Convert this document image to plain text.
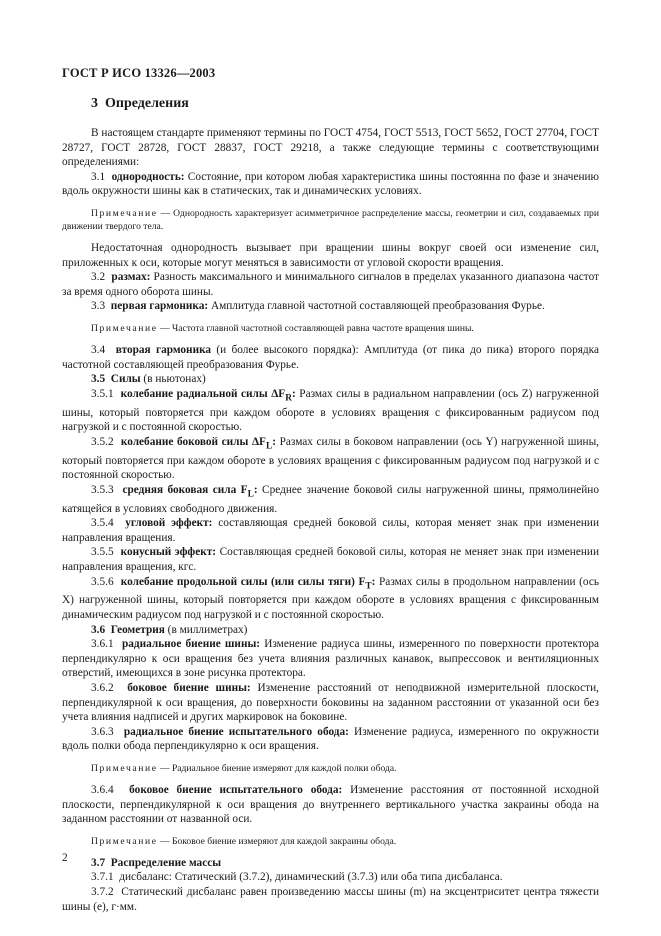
ГОСТ Р ИСО 13326—2003
3 Определения

В настоящем стандарте применяют термины по ГОСТ 4754, ГОСТ 5513, ГОСТ 5652, ГОСТ 27704, ГОСТ 28727, ГОСТ 28728, ГОСТ 28837, ГОСТ 29218, а также следующие термины с соответствующими определениями:

3.1 однородность: Состояние, при котором любая характеристика шины постоянна по фазе и значению вдоль окружности шины как в статических, так и динамических условиях.

Примечание — Однородность характеризует асимметричное распределение массы, геометрии и сил, создаваемых при движении твердого тела.

Недостаточная однородность вызывает при вращении шины вокруг своей оси изменение сил, приложенных к оси, которые могут меняться в зависимости от угловой скорости вращения.

3.2 размах: Разность максимального и минимального сигналов в пределах указанного диапазона частот за время одного оборота шины.

3.3 первая гармоника: Амплитуда главной частотной составляющей преобразования Фурье.

Примечание — Частота главной частотной составляющей равна частоте вращения шины.

3.4 вторая гармоника (и более высокого порядка): Амплитуда (от пика до пика) второго порядка частотной составляющей преобразования Фурье.

3.5 Силы (в ньютонах)

3.5.1 колебание радиальной силы $\Delta F_R$: Размах силы в радиальном направлении (ось Z) нагруженной шины, который повторяется при каждом обороте в условиях вращения с фиксированным радиусом под нагрузкой и с постоянной скоростью.

3.5.2 колебание боковой силы $\Delta F_L$: Размах силы в боковом направлении (ось Y) нагруженной шины, который повторяется при каждом обороте в условиях вращения с фиксированным радиусом под нагрузкой и с постоянной скоростью.

3.5.3 средняя боковая сила $F_L$: Среднее значение боковой силы нагруженной шины, прямолинейно катящейся в условиях свободного движения.

3.5.4 угловой эффект: составляющая средней боковой силы, которая меняет знак при изменении направления вращения.

3.5.5 конусный эффект: Составляющая средней боковой силы, которая не меняет знак при изменении направления вращения, кгс.

3.5.6 колебание продольной силы (или силы тяги) $F_T$: Размах силы в продольном направлении (ось X) нагруженной шины, который повторяется при каждом обороте в условиях вращения с фиксированным динамическим радиусом под нагрузкой и с постоянной скоростью.

3.6 Геометрия (в миллиметрах)

3.6.1 радиальное биение шины: Изменение радиуса шины, измеренного по поверхности протектора перпендикулярно к оси вращения без учета влияния различных канавок, выпрессовок и вентиляционных отверстий, имеющихся в зоне рисунка протектора.

3.6.2 боковое биение шины: Изменение расстояний от неподвижной измерительной плоскости, перпендикулярной к оси вращения, до поверхности боковины на заданном расстоянии от указанной оси без учета влияния надписей и других маркировок на боковине.

3.6.3 радиальное биение испытательного обода: Изменение радиуса, измеренного по окружности вдоль полки обода перпендикулярно к оси вращения.

Примечание — Радиальное биение измеряют для каждой полки обода.

3.6.4 боковое биение испытательного обода: Изменение расстояния от постоянной исходной плоскости, перпендикулярной к оси вращения до внутреннего вертикального участка закраины обода на заданном расстоянии от названной оси.

Примечание — Боковое биение измеряют для каждой закраины обода.

3.7 Распределение массы

3.7.1 дисбаланс: Статический (3.7.2), динамический (3.7.3) или оба типа дисбаланса.

3.7.2 Статический дисбаланс равен произведению массы шины (m) на эксцентриситет центра тяжести шины (e), г·мм.

2
